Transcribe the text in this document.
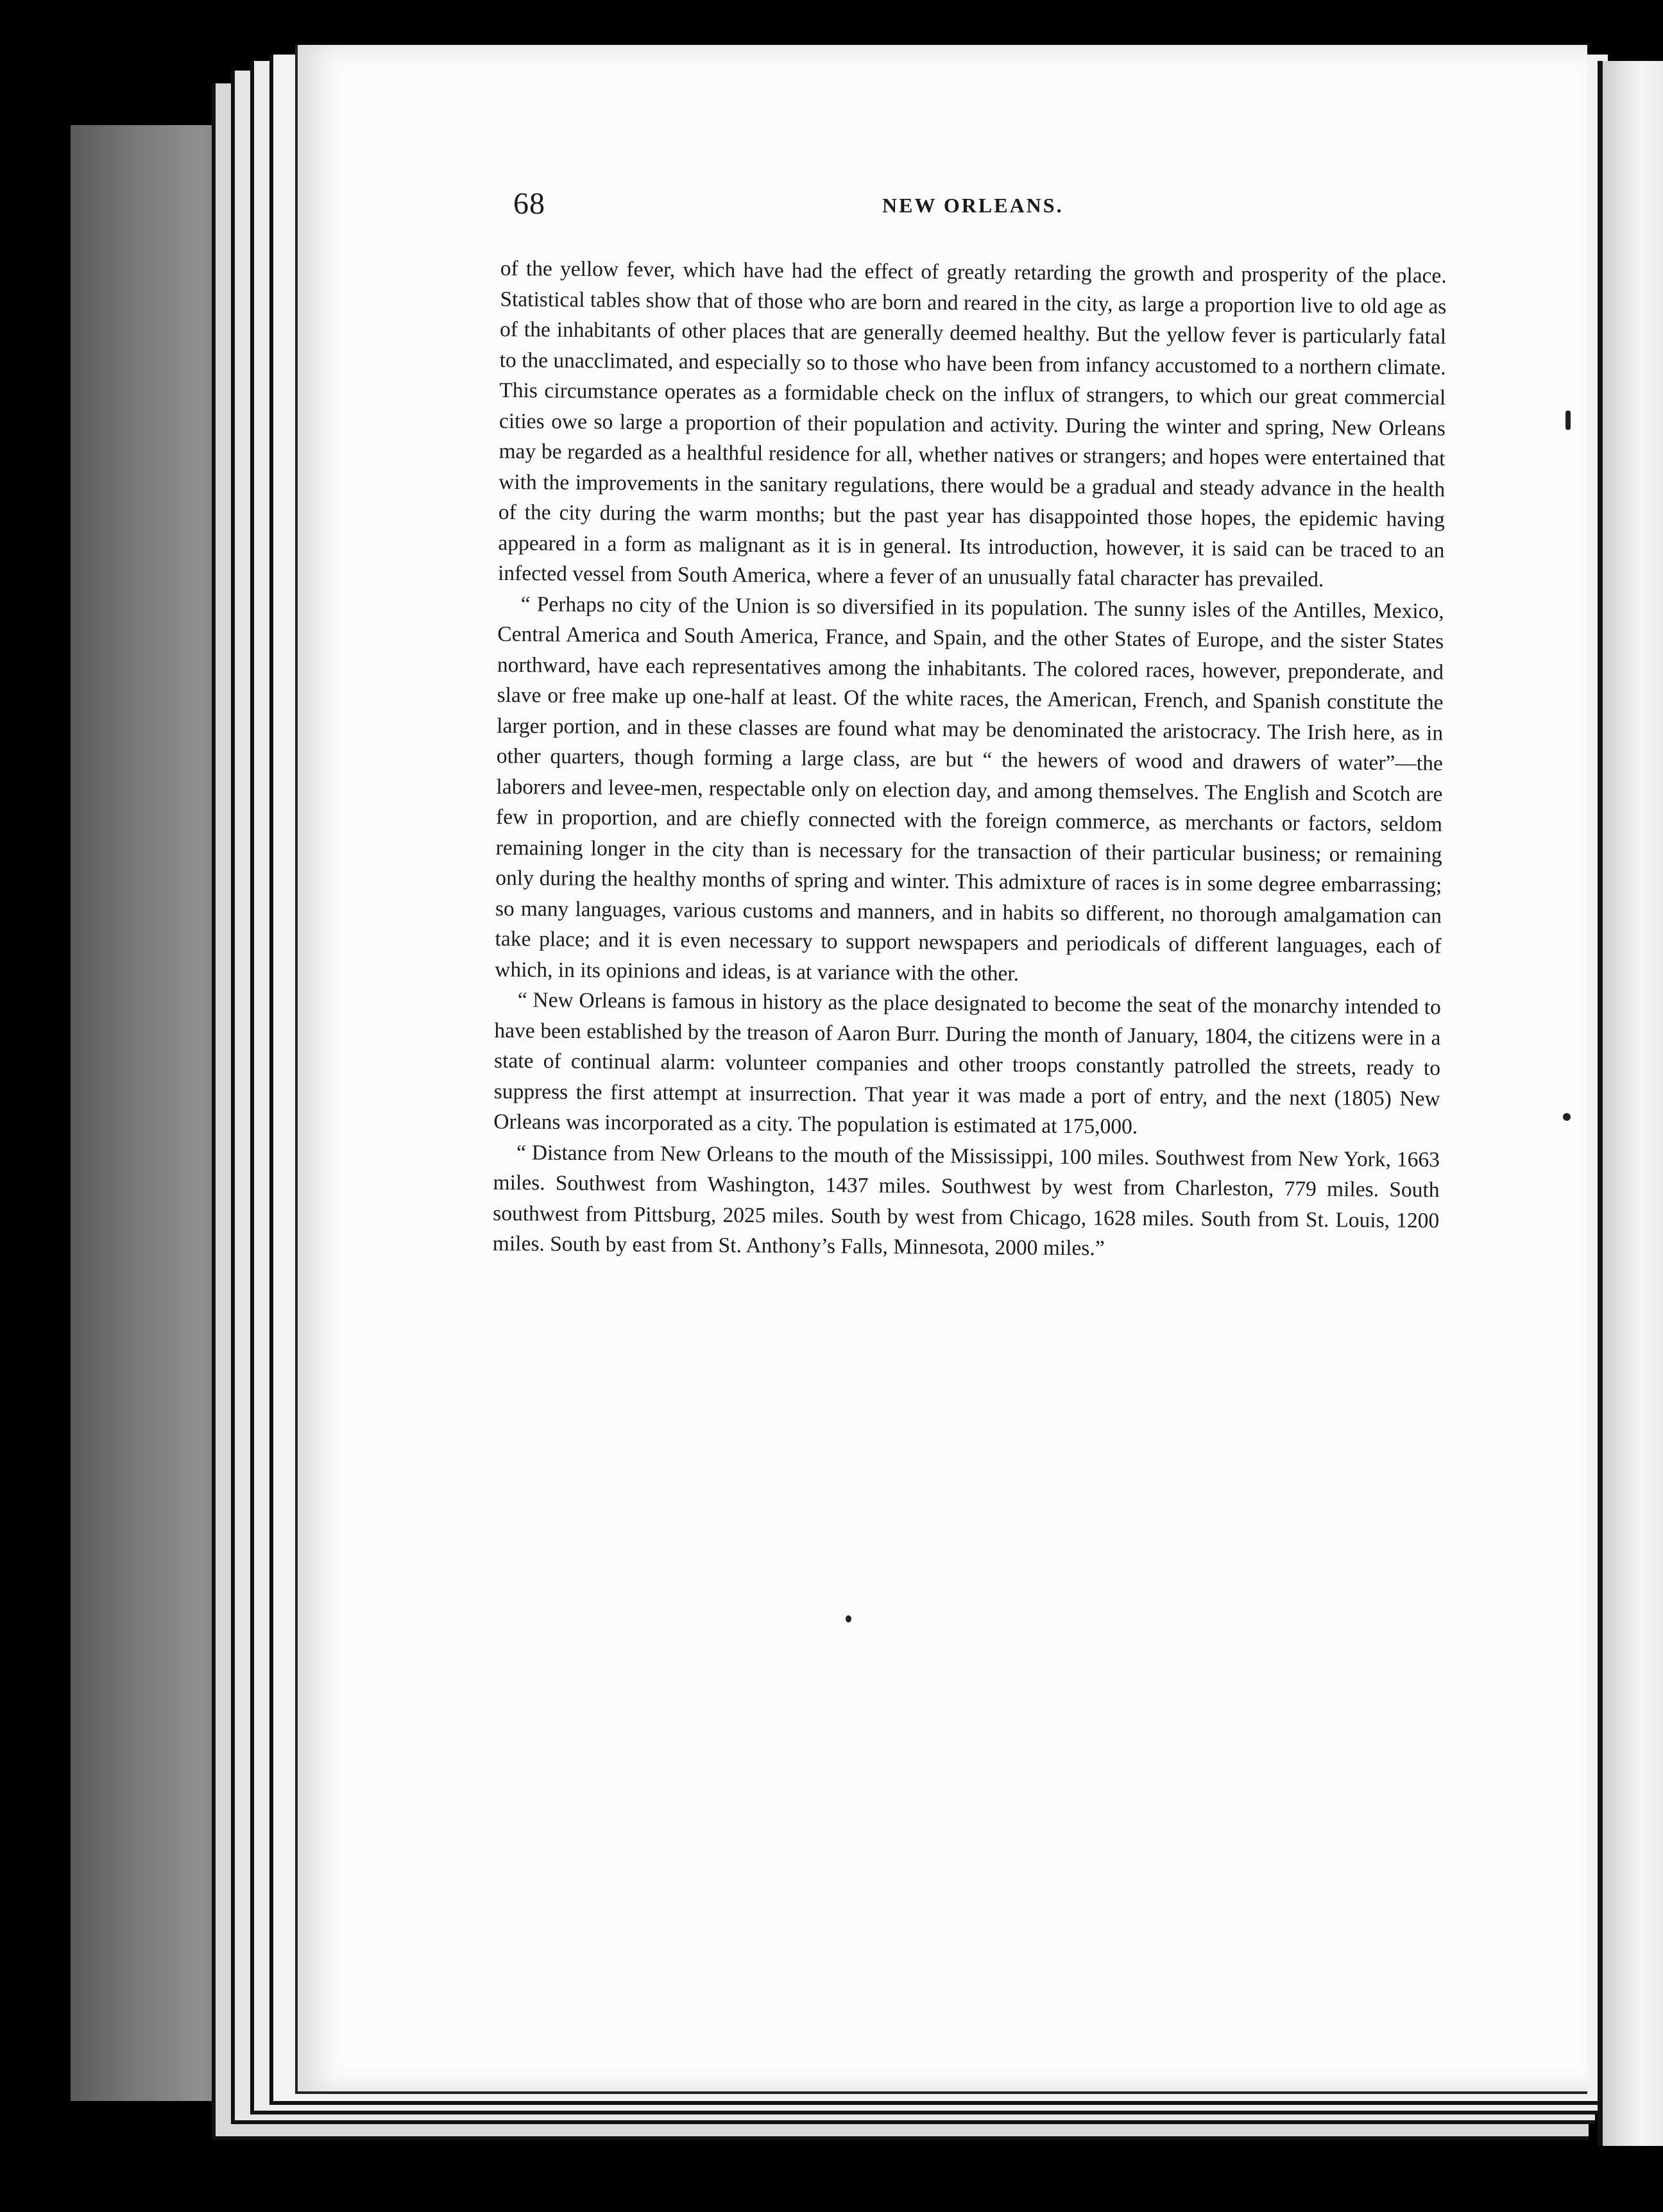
68	NEW ORLEANS.

of the yellow fever, which have had the effect of greatly retarding the growth and prosperity of the place. Statistical tables show that of those who are born and reared in the city, as large a proportion live to old age as of the inhabitants of other places that are generally deemed healthy. But the yellow fever is particularly fatal to the unacclimated, and especially so to those who have been from infancy accustomed to a northern climate. This circumstance operates as a formidable check on the influx of strangers, to which our great commercial cities owe so large a proportion of their population and activity. During the winter and spring, New Orleans may be regarded as a healthful residence for all, whether natives or strangers; and hopes were entertained that with the improvements in the sanitary regulations, there would be a gradual and steady advance in the health of the city during the warm months; but the past year has disappointed those hopes, the epidemic having appeared in a form as malignant as it is in general. Its introduction, however, it is said can be traced to an infected vessel from South America, where a fever of an unusually fatal character has prevailed.

“ Perhaps no city of the Union is so diversified in its population. The sunny isles of the Antilles, Mexico, Central America and South America, France, and Spain, and the other States of Europe, and the sister States northward, have each representatives among the inhabitants. The colored races, however, preponderate, and slave or free make up one-half at least. Of the white races, the American, French, and Spanish constitute the larger portion, and in these classes are found what may be denominated the aristocracy. The Irish here, as in other quarters, though forming a large class, are but “ the hewers of wood and drawers of water”—the laborers and levee-men, respectable only on election day, and among themselves. The English and Scotch are few in proportion, and are chiefly connected with the foreign commerce, as merchants or factors, seldom remaining longer in the city than is necessary for the transaction of their particular business; or remaining only during the healthy months of spring and winter. This admixture of races is in some degree embarrassing; so many languages, various customs and manners, and in habits so different, no thorough amalgamation can take place; and it is even necessary to support newspapers and periodicals of different languages, each of which, in its opinions and ideas, is at variance with the other.

“ New Orleans is famous in history as the place designated to become the seat of the monarchy intended to have been established by the treason of Aaron Burr. During the month of January, 1804, the citizens were in a state of continual alarm: volunteer companies and other troops constantly patrolled the streets, ready to suppress the first attempt at insurrection. That year it was made a port of entry, and the next (1805) New Orleans was incorporated as a city. The population is estimated at 175,000.

“ Distance from New Orleans to the mouth of the Mississippi, 100 miles. Southwest from New York, 1663 miles. Southwest from Washington, 1437 miles. Southwest by west from Charleston, 779 miles. South southwest from Pittsburg, 2025 miles. South by west from Chicago, 1628 miles. South from St. Louis, 1200 miles. South by east from St. Anthony’s Falls, Minnesota, 2000 miles.”
